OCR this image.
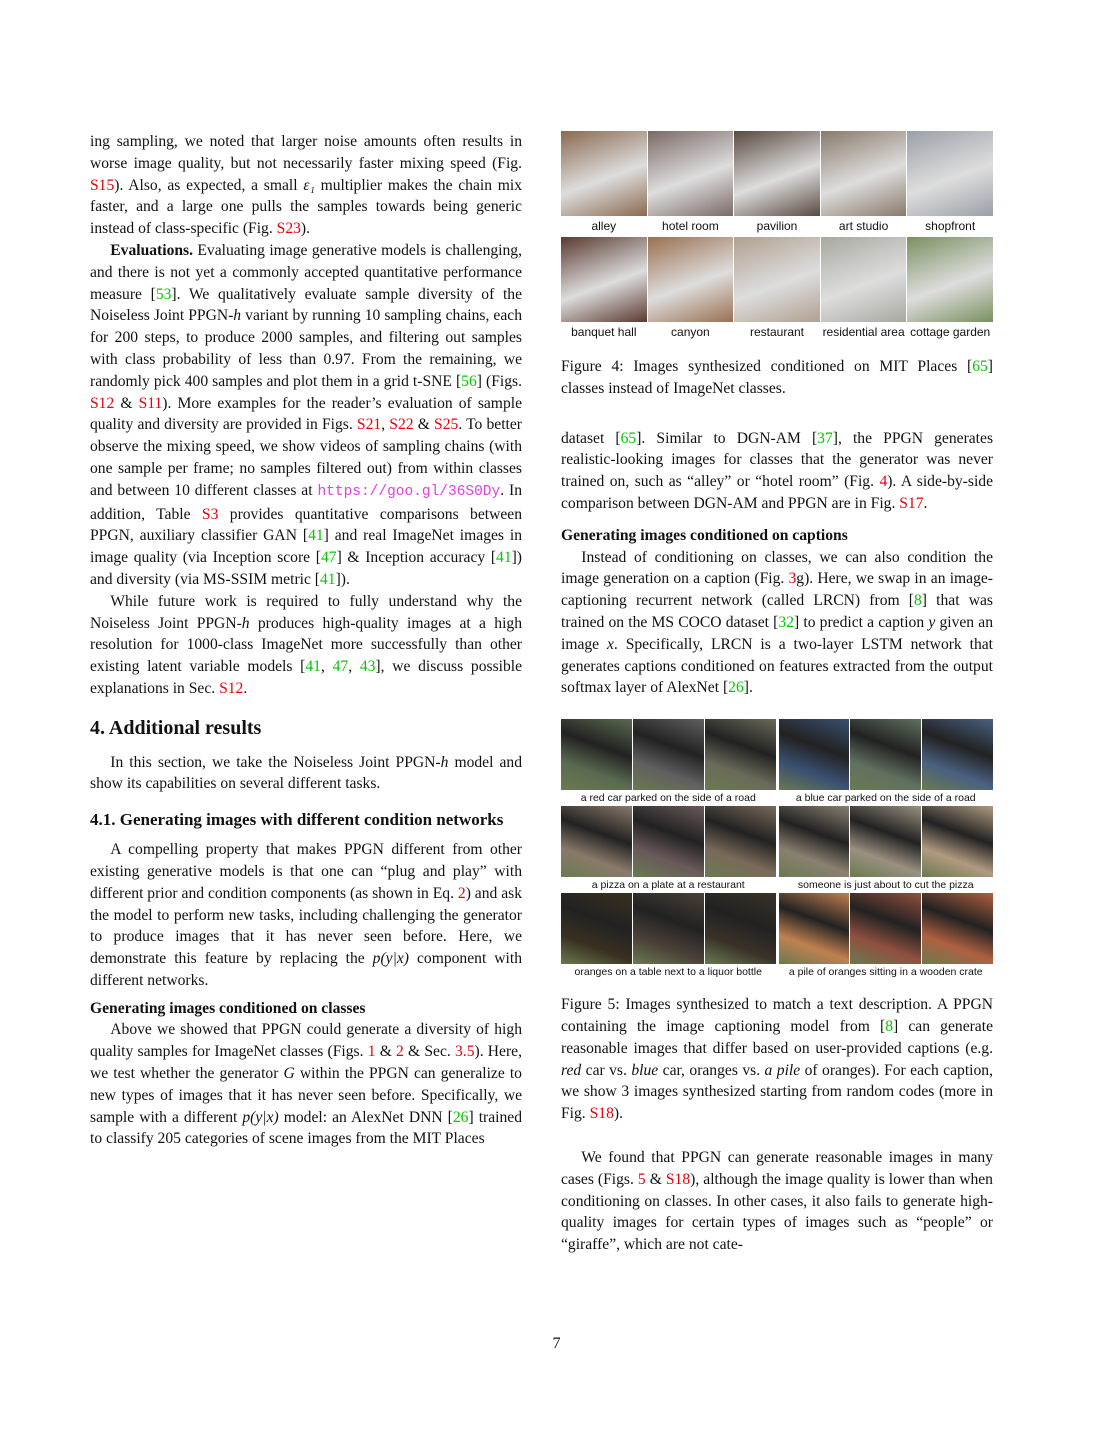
ing sampling, we noted that larger noise amounts often results in worse image quality, but not necessarily faster mixing speed (Fig. S15). Also, as expected, a small ε₁ multiplier makes the chain mix faster, and a large one pulls the samples towards being generic instead of class-specific (Fig. S23).

Evaluations. Evaluating image generative models is challenging, and there is not yet a commonly accepted quantitative performance measure [53]. We qualitatively evaluate sample diversity of the Noiseless Joint PPGN-h variant by running 10 sampling chains, each for 200 steps, to produce 2000 samples, and filtering out samples with class probability of less than 0.97. From the remaining, we randomly pick 400 samples and plot them in a grid t-SNE [56] (Figs. S12 & S11). More examples for the reader’s evaluation of sample quality and diversity are provided in Figs. S21, S22 & S25. To better observe the mixing speed, we show videos of sampling chains (with one sample per frame; no samples filtered out) from within classes and between 10 different classes at https://goo.gl/36S0Dy. In addition, Table S3 provides quantitative comparisons between PPGN, auxiliary classifier GAN [41] and real ImageNet images in image quality (via Inception score [47] & Inception accuracy [41]) and diversity (via MS-SSIM metric [41]).

While future work is required to fully understand why the Noiseless Joint PPGN-h produces high-quality images at a high resolution for 1000-class ImageNet more successfully than other existing latent variable models [41, 47, 43], we discuss possible explanations in Sec. S12.

4. Additional results

In this section, we take the Noiseless Joint PPGN-h model and show its capabilities on several different tasks.

4.1. Generating images with different condition networks

A compelling property that makes PPGN different from other existing generative models is that one can “plug and play” with different prior and condition components (as shown in Eq. 2) and ask the model to perform new tasks, including challenging the generator to produce images that it has never seen before. Here, we demonstrate this feature by replacing the p(y|x) component with different networks.

Generating images conditioned on classes

Above we showed that PPGN could generate a diversity of high quality samples for ImageNet classes (Figs. 1 & 2 & Sec. 3.5). Here, we test whether the generator G within the PPGN can generalize to new types of images that it has never seen before. Specifically, we sample with a different p(y|x) model: an AlexNet DNN [26] trained to classify 205 categories of scene images from the MIT Places

alley	hotel room	pavilion	art studio	shopfront
banquet hall	canyon	restaurant	residential area cottage garden

Figure 4: Images synthesized conditioned on MIT Places [65] classes instead of ImageNet classes.

dataset [65]. Similar to DGN-AM [37], the PPGN generates realistic-looking images for classes that the generator was never trained on, such as “alley” or “hotel room” (Fig. 4). A side-by-side comparison between DGN-AM and PPGN are in Fig. S17.

Generating images conditioned on captions

Instead of conditioning on classes, we can also condition the image generation on a caption (Fig. 3g). Here, we swap in an image-captioning recurrent network (called LRCN) from [8] that was trained on the MS COCO dataset [32] to predict a caption y given an image x. Specifically, LRCN is a two-layer LSTM network that generates captions conditioned on features extracted from the output softmax layer of AlexNet [26].

a red car parked on the side of a road	a blue car parked on the side of a road
a pizza on a plate at a restaurant	someone is just about to cut the pizza
oranges on a table next to a liquor bottle	a pile of oranges sitting in a wooden crate

Figure 5: Images synthesized to match a text description. A PPGN containing the image captioning model from [8] can generate reasonable images that differ based on user-provided captions (e.g. red car vs. blue car, oranges vs. a pile of oranges). For each caption, we show 3 images synthesized starting from random codes (more in Fig. S18).

We found that PPGN can generate reasonable images in many cases (Figs. 5 & S18), although the image quality is lower than when conditioning on classes. In other cases, it also fails to generate high-quality images for certain types of images such as “people” or “giraffe”, which are not cate-

7
